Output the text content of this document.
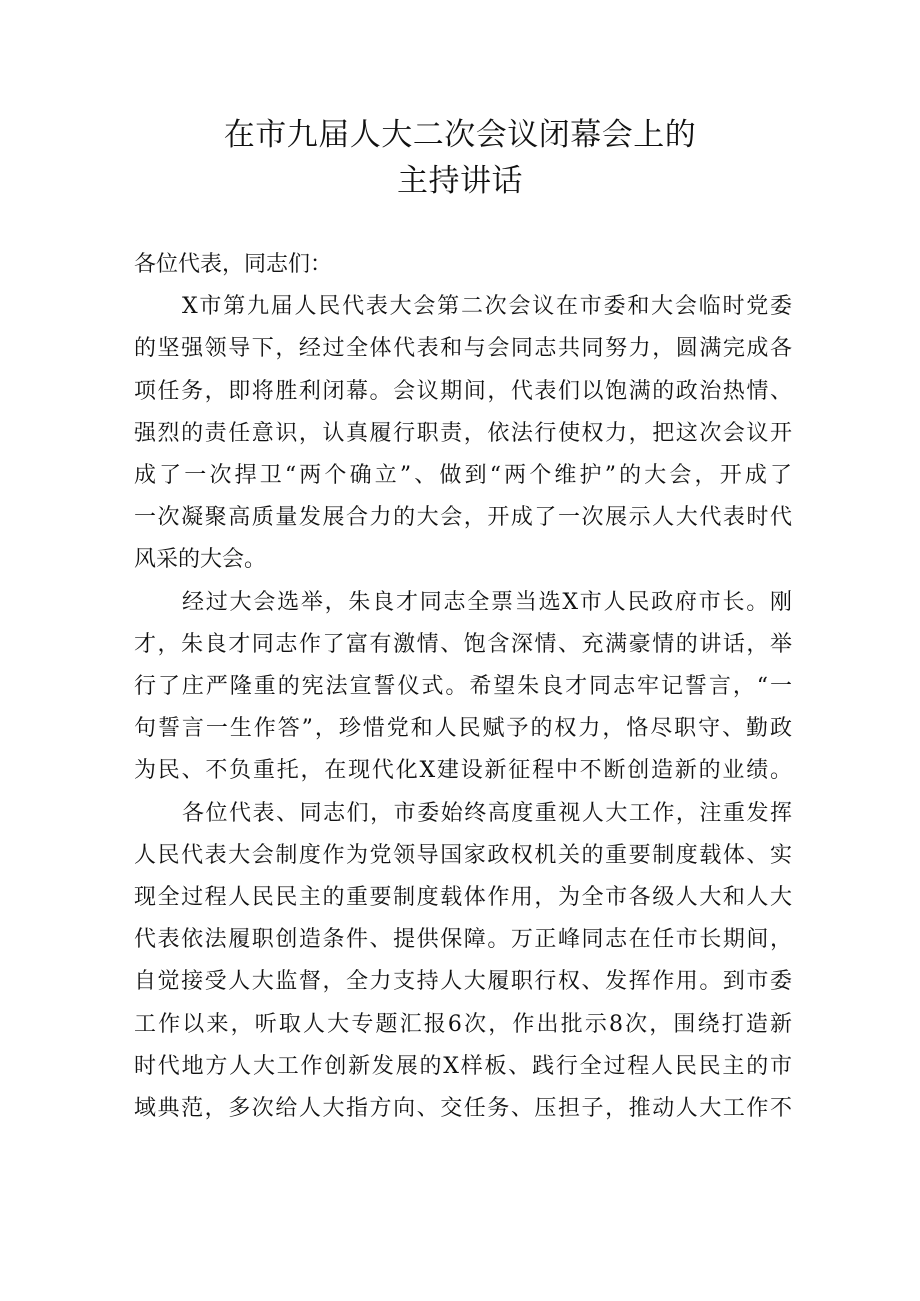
在市九届人大二次会议闭幕会上的
主持讲话

各位代表，同志们：

X市第九届人民代表大会第二次会议在市委和大会临时党委
的坚强领导下，经过全体代表和与会同志共同努力，圆满完成各
项任务，即将胜利闭幕。会议期间，代表们以饱满的政治热情、
强烈的责任意识，认真履行职责，依法行使权力，把这次会议开
成了一次捍卫“两个确立”、做到“两个维护”的大会，开成了
一次凝聚高质量发展合力的大会，开成了一次展示人大代表时代
风采的大会。

经过大会选举，朱良才同志全票当选X市人民政府市长。刚
才，朱良才同志作了富有激情、饱含深情、充满豪情的讲话，举
行了庄严隆重的宪法宣誓仪式。希望朱良才同志牢记誓言，“一
句誓言一生作答”，珍惜党和人民赋予的权力，恪尽职守、勤政
为民、不负重托，在现代化X建设新征程中不断创造新的业绩。

各位代表、同志们，市委始终高度重视人大工作，注重发挥
人民代表大会制度作为党领导国家政权机关的重要制度载体、实
现全过程人民民主的重要制度载体作用，为全市各级人大和人大
代表依法履职创造条件、提供保障。万正峰同志在任市长期间，
自觉接受人大监督，全力支持人大履职行权、发挥作用。到市委
工作以来，听取人大专题汇报6次，作出批示8次，围绕打造新
时代地方人大工作创新发展的X样板、践行全过程人民民主的市
域典范，多次给人大指方向、交任务、压担子，推动人大工作不
